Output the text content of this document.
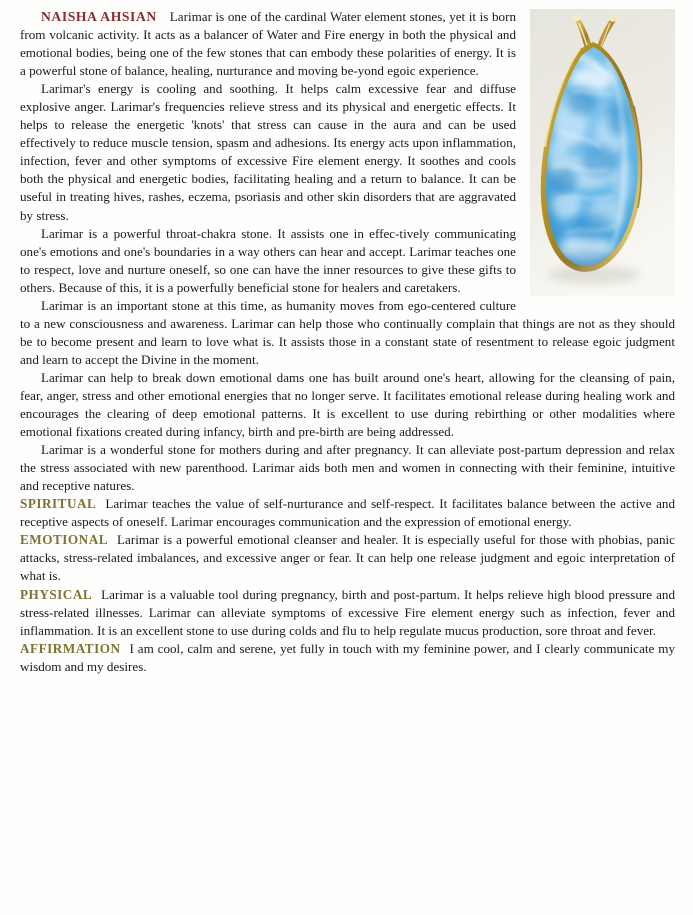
NAISHA AHSIAN Larimar is one of the cardinal Water element stones, yet it is born from volcanic activity. It acts as a balancer of Water and Fire energy in both the physical and emotional bodies, being one of the few stones that can embody these polarities of energy. It is a powerful stone of balance, healing, nurturance and moving be-yond egoic experience.

Larimar's energy is cooling and soothing. It helps calm excessive fear and diffuse explosive anger. Larimar's frequencies relieve stress and its physical and energetic effects. It helps to release the energetic 'knots' that stress can cause in the aura and can be used effectively to reduce muscle tension, spasm and adhesions. Its energy acts upon inflammation, infection, fever and other symptoms of excessive Fire element energy. It soothes and cools both the physical and energetic bodies, facilitating healing and a return to balance. It can be useful in treating hives, rashes, eczema, psoriasis and other skin disorders that are aggravated by stress.

Larimar is a powerful throat-chakra stone. It assists one in effec-tively communicating one's emotions and one's boundaries in a way others can hear and accept. Larimar teaches one to respect, love and nurture oneself, so one can have the inner resources to give these gifts to others. Because of this, it is a powerfully beneficial stone for healers and caretakers.

Larimar is an important stone at this time, as humanity moves from ego-centered culture to a new consciousness and awareness. Larimar can help those who continually complain that things are not as they should be to become present and learn to love what is. It assists those in a constant state of resentment to release egoic judgment and learn to accept the Divine in the moment.

Larimar can help to break down emotional dams one has built around one's heart, allowing for the cleansing of pain, fear, anger, stress and other emotional energies that no longer serve. It facilitates emotional release during healing work and encourages the clearing of deep emotional patterns. It is excellent to use during rebirthing or other modalities where emotional fixations created during infancy, birth and pre-birth are being addressed.

Larimar is a wonderful stone for mothers during and after pregnancy. It can alleviate post-partum depression and relax the stress associated with new parenthood. Larimar aids both men and women in connecting with their feminine, intuitive and receptive natures.

SPIRITUAL Larimar teaches the value of self-nurturance and self-respect. It facilitates balance between the active and receptive aspects of oneself. Larimar encourages communication and the expression of emotional energy.

EMOTIONAL Larimar is a powerful emotional cleanser and healer. It is especially useful for those with phobias, panic attacks, stress-related imbalances, and excessive anger or fear. It can help one release judgment and egoic interpretation of what is.

PHYSICAL Larimar is a valuable tool during pregnancy, birth and post-partum. It helps relieve high blood pressure and stress-related illnesses. Larimar can alleviate symptoms of excessive Fire element energy such as infection, fever and inflammation. It is an excellent stone to use during colds and flu to help regulate mucus production, sore throat and fever.

AFFIRMATION I am cool, calm and serene, yet fully in touch with my feminine power, and I clearly communicate my wisdom and my desires.
